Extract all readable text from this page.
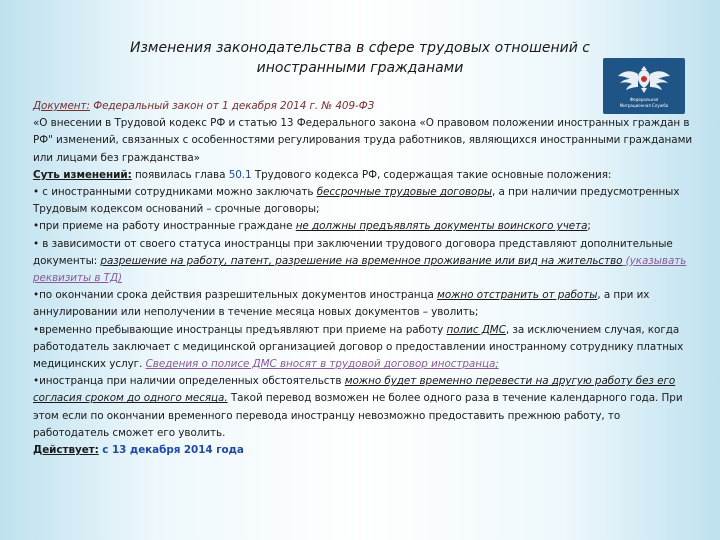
Изменения законодательства в сфере трудовых отношений с
иностранными гражданами
Федеральная
Миграционная Служба

Документ: Федеральный закон от 1 декабря 2014 г. № 409-ФЗ

«О внесении в Трудовой кодекс РФ и статью 13 Федерального закона «О правовом положении иностранных граждан в РФ" изменений, связанных с особенностями регулирования труда работников, являющихся иностранными гражданами или лицами без гражданства»

Суть изменений: появилась глава 50.1 Трудового кодекса РФ, содержащая такие основные положения:

• с иностранными сотрудниками можно заключать бессрочные трудовые договоры, а при наличии предусмотренных Трудовым кодексом оснований – срочные договоры;

•при приеме на работу иностранные граждане не должны предъявлять документы воинского учета;

• в зависимости от своего статуса иностранцы при заключении трудового договора представляют дополнительные документы: разрешение на работу, патент, разрешение на временное проживание или вид на жительство (указывать реквизиты в ТД)

•по окончании срока действия разрешительных документов иностранца можно отстранить от работы, а при их аннулировании или неполучении в течение месяца новых документов – уволить;

•временно пребывающие иностранцы предъявляют при приеме на работу полис ДМС, за исключением случая, когда работодатель заключает с медицинской организацией договор о предоставлении иностранному сотруднику платных медицинских услуг. Сведения о полисе ДМС вносят в трудовой договор иностранца;

•иностранца при наличии определенных обстоятельств можно будет временно перевести на другую работу без его согласия сроком до одного месяца. Такой перевод возможен не более одного раза в течение календарного года. При этом если по окончании временного перевода иностранцу невозможно предоставить прежнюю работу, то работодатель сможет его уволить.

Действует: с 13 декабря 2014 года
